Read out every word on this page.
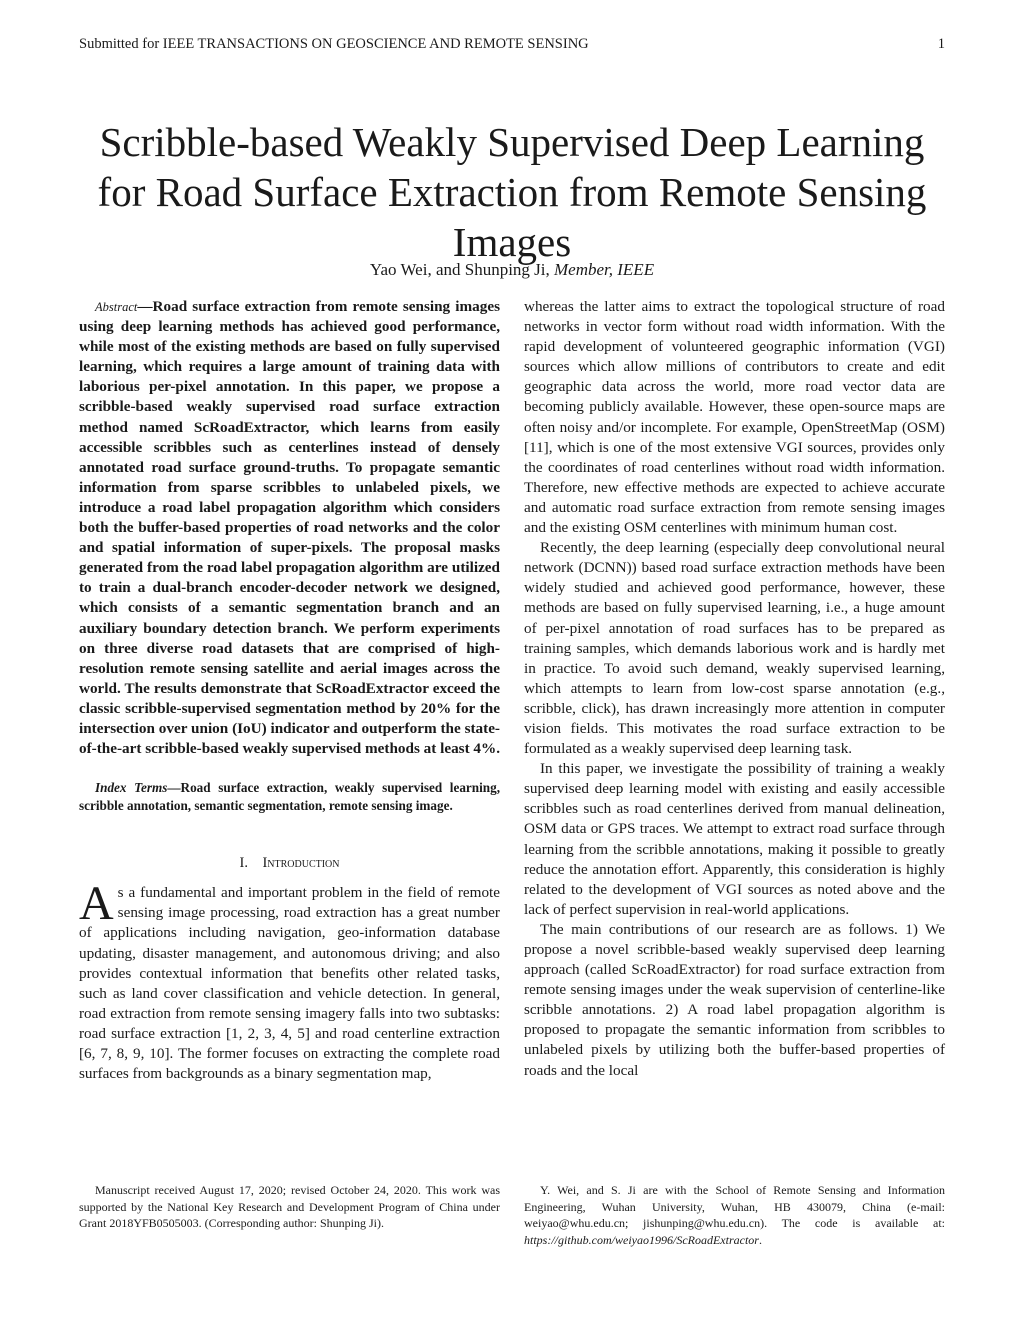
Submitted for IEEE TRANSACTIONS ON GEOSCIENCE AND REMOTE SENSING	1
Scribble-based Weakly Supervised Deep Learning for Road Surface Extraction from Remote Sensing Images
Yao Wei, and Shunping Ji, Member, IEEE

Abstract—Road surface extraction from remote sensing images using deep learning methods has achieved good performance, while most of the existing methods are based on fully supervised learning, which requires a large amount of training data with laborious per-pixel annotation. In this paper, we propose a scribble-based weakly supervised road surface extraction method named ScRoadExtractor, which learns from easily accessible scribbles such as centerlines instead of densely annotated road surface ground-truths. To propagate semantic information from sparse scribbles to unlabeled pixels, we introduce a road label propagation algorithm which considers both the buffer-based properties of road networks and the color and spatial information of super-pixels. The proposal masks generated from the road label propagation algorithm are utilized to train a dual-branch encoder-decoder network we designed, which consists of a semantic segmentation branch and an auxiliary boundary detection branch. We perform experiments on three diverse road datasets that are comprised of high-resolution remote sensing satellite and aerial images across the world. The results demonstrate that ScRoadExtractor exceed the classic scribble-supervised segmentation method by 20% for the intersection over union (IoU) indicator and outperform the state-of-the-art scribble-based weakly supervised methods at least 4%.

Index Terms—Road surface extraction, weakly supervised learning, scribble annotation, semantic segmentation, remote sensing image.

I. Introduction

As a fundamental and important problem in the field of remote sensing image processing, road extraction has a great number of applications including navigation, geo-information database updating, disaster management, and autonomous driving; and also provides contextual information that benefits other related tasks, such as land cover classification and vehicle detection. In general, road extraction from remote sensing imagery falls into two subtasks: road surface extraction [1, 2, 3, 4, 5] and road centerline extraction [6, 7, 8, 9, 10]. The former focuses on extracting the complete road surfaces from backgrounds as a binary segmentation map,

whereas the latter aims to extract the topological structure of road networks in vector form without road width information. With the rapid development of volunteered geographic information (VGI) sources which allow millions of contributors to create and edit geographic data across the world, more road vector data are becoming publicly available. However, these open-source maps are often noisy and/or incomplete. For example, OpenStreetMap (OSM) [11], which is one of the most extensive VGI sources, provides only the coordinates of road centerlines without road width information. Therefore, new effective methods are expected to achieve accurate and automatic road surface extraction from remote sensing images and the existing OSM centerlines with minimum human cost.

Recently, the deep learning (especially deep convolutional neural network (DCNN)) based road surface extraction methods have been widely studied and achieved good performance, however, these methods are based on fully supervised learning, i.e., a huge amount of per-pixel annotation of road surfaces has to be prepared as training samples, which demands laborious work and is hardly met in practice. To avoid such demand, weakly supervised learning, which attempts to learn from low-cost sparse annotation (e.g., scribble, click), has drawn increasingly more attention in computer vision fields. This motivates the road surface extraction to be formulated as a weakly supervised deep learning task.

In this paper, we investigate the possibility of training a weakly supervised deep learning model with existing and easily accessible scribbles such as road centerlines derived from manual delineation, OSM data or GPS traces. We attempt to extract road surface through learning from the scribble annotations, making it possible to greatly reduce the annotation effort. Apparently, this consideration is highly related to the development of VGI sources as noted above and the lack of perfect supervision in real-world applications.

The main contributions of our research are as follows. 1) We propose a novel scribble-based weakly supervised deep learning approach (called ScRoadExtractor) for road surface extraction from remote sensing images under the weak supervision of centerline-like scribble annotations. 2) A road label propagation algorithm is proposed to propagate the semantic information from scribbles to unlabeled pixels by utilizing both the buffer-based properties of roads and the local

Manuscript received August 17, 2020; revised October 24, 2020. This work was supported by the National Key Research and Development Program of China under Grant 2018YFB0505003. (Corresponding author: Shunping Ji).

Y. Wei, and S. Ji are with the School of Remote Sensing and Information Engineering, Wuhan University, Wuhan, HB 430079, China (e-mail: weiyao@whu.edu.cn; jishunping@whu.edu.cn). The code is available at: https://github.com/weiyao1996/ScRoadExtractor.
